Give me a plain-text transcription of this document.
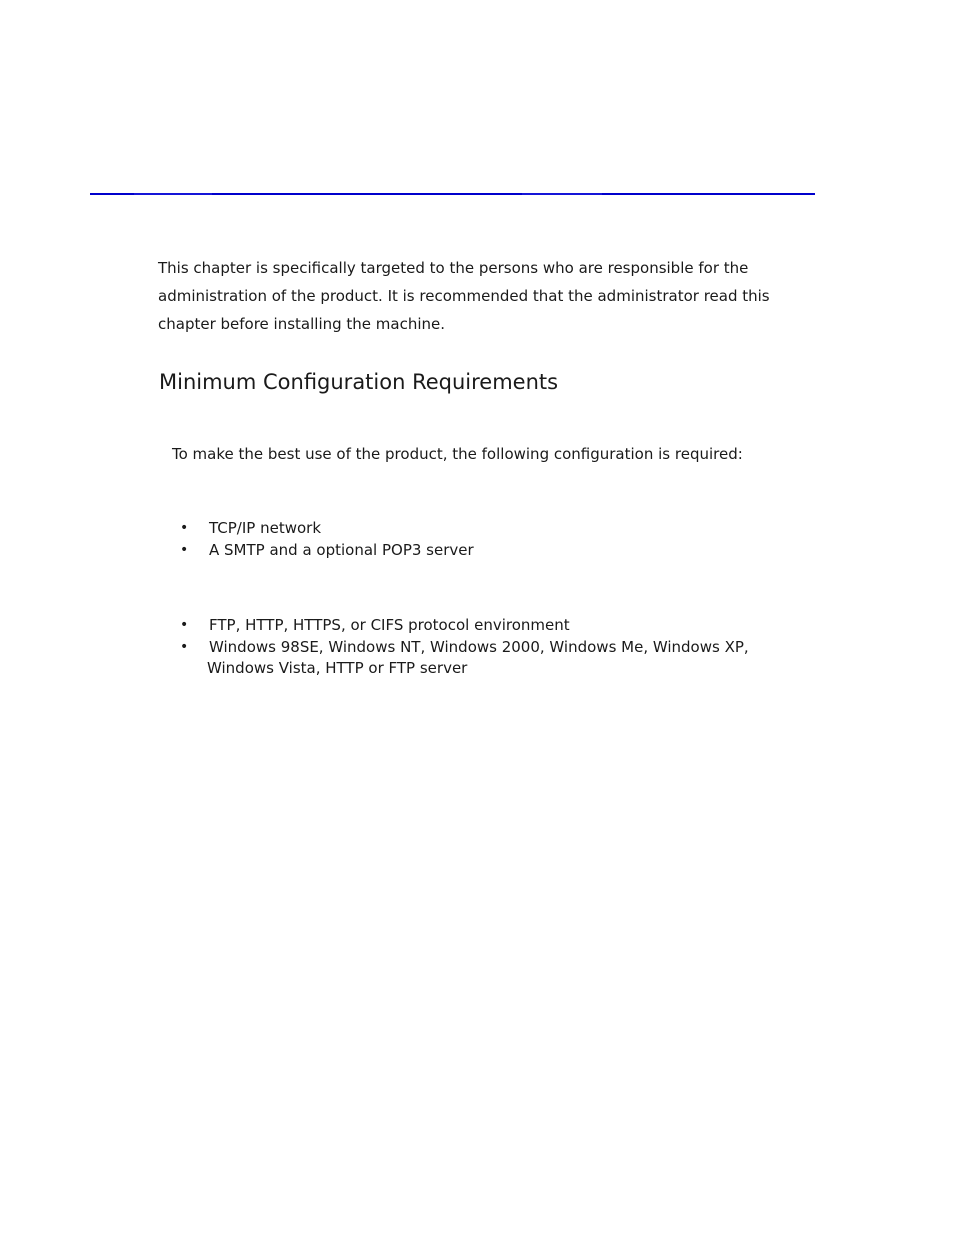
This chapter is specifically targeted to the persons who are responsible for the
administration of the product. It is recommended that the administrator read this
chapter before installing the machine.

Minimum Configuration Requirements

To make the best use of the product, the following configuration is required:

• TCP/IP network
• A SMTP and a optional POP3 server
• FTP, HTTP, HTTPS, or CIFS protocol environment
• Windows 98SE, Windows NT, Windows 2000, Windows Me, Windows XP,
Windows Vista, HTTP or FTP server
